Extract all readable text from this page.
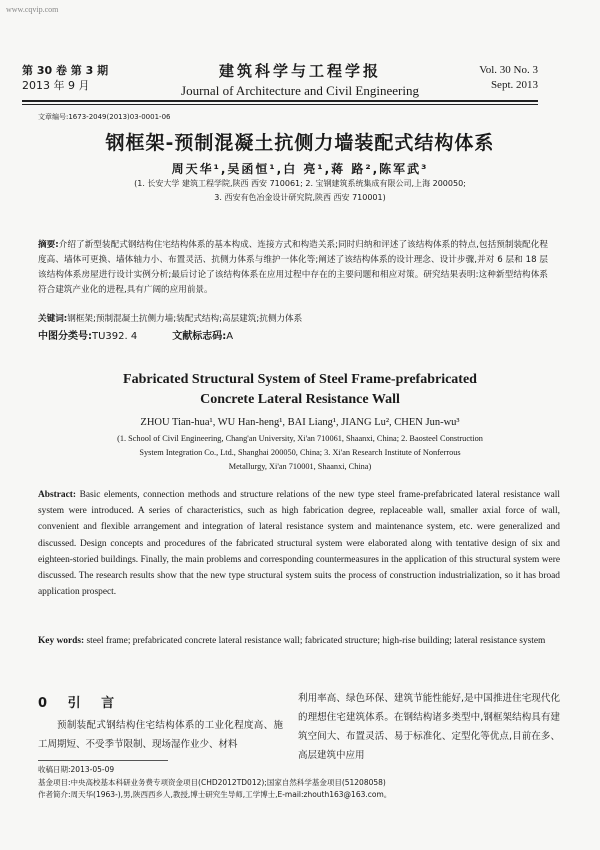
www.cqvip.com
第 30 卷 第 3 期
2013 年 9 月
建筑科学与工程学报
Journal of Architecture and Civil Engineering
Vol. 30 No. 3
Sept. 2013
文章编号:1673-2049(2013)03-0001-06
钢框架-预制混凝土抗侧力墙装配式结构体系
周天华¹,吴函恒¹,白 亮¹,蒋 路²,陈军武³
(1. 长安大学 建筑工程学院,陕西 西安 710061; 2. 宝钢建筑系统集成有限公司,上海 200050;
3. 西安有色冶金设计研究院,陕西 西安 710001)
摘要:介绍了新型装配式钢结构住宅结构体系的基本构成、连接方式和构造关系;同时归纳和评述了该结构体系的特点,包括预制装配化程度高、墙体可更换、墙体轴力小、布置灵活、抗侧力体系与维护一体化等;阐述了该结构体系的设计理念、设计步骤,并对 6 层和 18 层该结构体系房屋进行设计实例分析;最后讨论了该结构体系在应用过程中存在的主要问题和相应对策。研究结果表明:这种新型结构体系符合建筑产业化的进程,具有广阔的应用前景。
关键词:钢框架;预制混凝土抗侧力墙;装配式结构;高层建筑;抗侧力体系
中图分类号:TU392. 4	文献标志码:A
Fabricated Structural System of Steel Frame-prefabricated
Concrete Lateral Resistance Wall
ZHOU Tian-hua¹, WU Han-heng¹, BAI Liang¹, JIANG Lu², CHEN Jun-wu³
(1. School of Civil Engineering, Chang'an University, Xi'an 710061, Shaanxi, China; 2. Baosteel Construction
System Integration Co., Ltd., Shanghai 200050, China; 3. Xi'an Research Institute of Nonferrous
Metallurgy, Xi'an 710001, Shaanxi, China)
Abstract: Basic elements, connection methods and structure relations of the new type steel frame-prefabricated lateral resistance wall system were introduced. A series of characteristics, such as high fabrication degree, replaceable wall, smaller axial force of wall, convenient and flexible arrangement and integration of lateral resistance system and maintenance system, etc. were generalized and discussed. Design concepts and procedures of the fabricated structural system were elaborated along with tentative design of six and eighteen-storied buildings. Finally, the main problems and corresponding countermeasures in the application of this structural system were discussed. The research results show that the new type structural system suits the process of construction industrialization, so it has broad application prospect.
Key words: steel frame; prefabricated concrete lateral resistance wall; fabricated structure; high-rise building; lateral resistance system
0 引 言
预制装配式钢结构住宅结构体系的工业化程度高、施工周期短、不受季节限制、现场湿作业少、材料
利用率高、绿色环保、建筑节能性能好,是中国推进住宅现代化的理想住宅建筑体系。在钢结构诸多类型中,钢框架结构具有建筑空间大、布置灵活、易于标准化、定型化等优点,目前在多、高层建筑中应用
收稿日期:2013-05-09
基金项目:中央高校基本科研业务费专项资金项目(CHD2012TD012);国家自然科学基金项目(51208058)
作者简介:周天华(1963-),男,陕西西乡人,教授,博士研究生导师,工学博士,E-mail:zhouth163@163.com。
